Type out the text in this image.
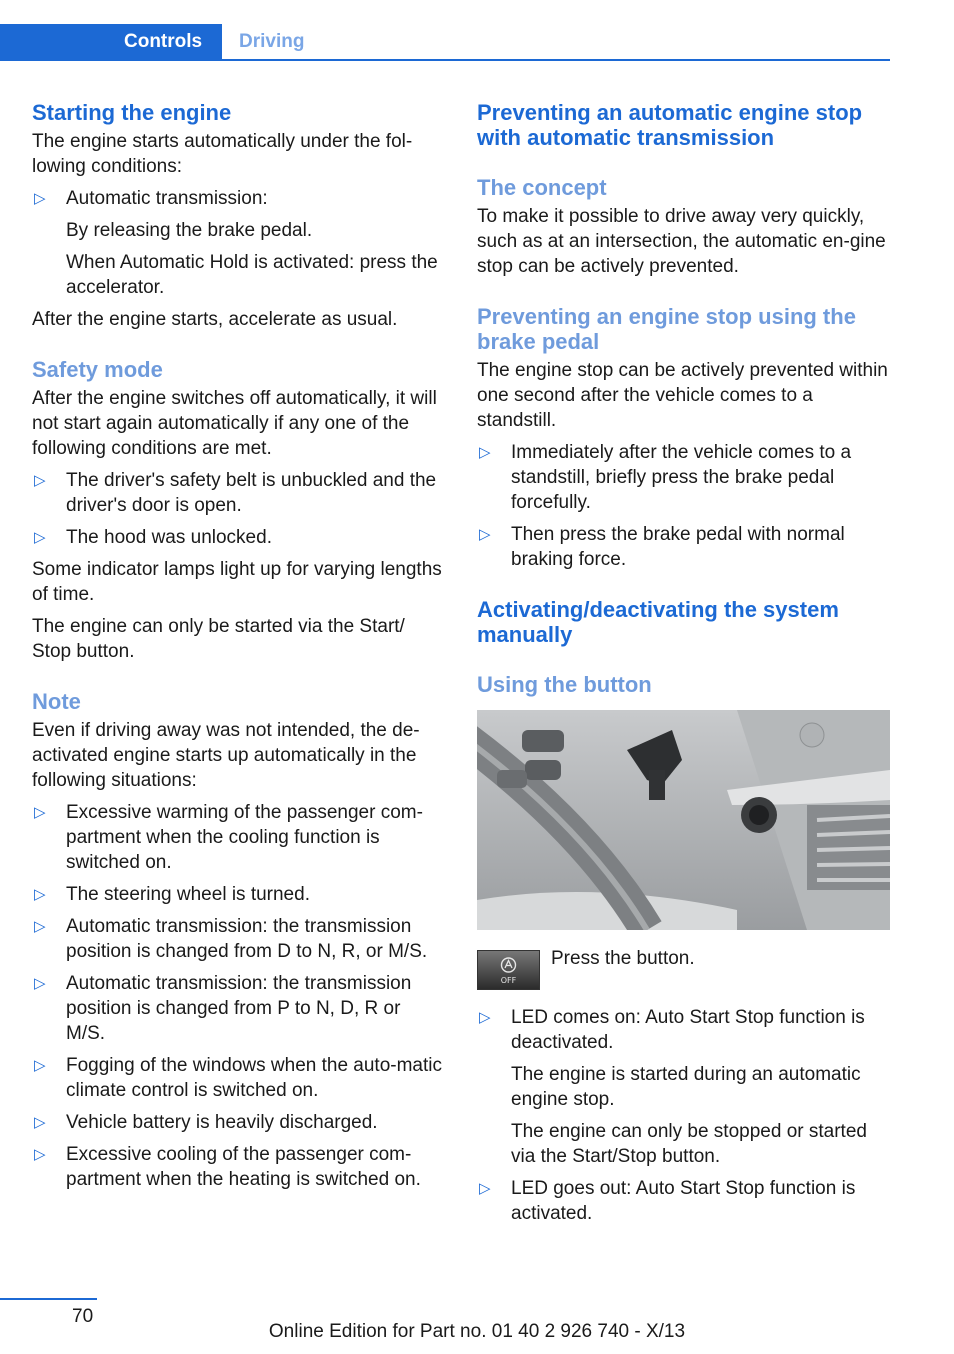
Controls Driving
Starting the engine

The engine starts automatically under the fol‐lowing conditions:

▷ Automatic transmission:
By releasing the brake pedal.
When Automatic Hold is activated: press the accelerator.

After the engine starts, accelerate as usual.

Safety mode

After the engine switches off automatically, it will not start again automatically if any one of the following conditions are met.

▷ The driver's safety belt is unbuckled and the driver's door is open.
▷ The hood was unlocked.

Some indicator lamps light up for varying lengths of time.

The engine can only be started via the Start/ Stop button.

Note

Even if driving away was not intended, the de‐activated engine starts up automatically in the following situations:

▷ Excessive warming of the passenger com‐partment when the cooling function is switched on.
▷ The steering wheel is turned.
▷ Automatic transmission: the transmission position is changed from D to N, R, or M/S.
▷ Automatic transmission: the transmission position is changed from P to N, D, R or M/S.
▷ Fogging of the windows when the auto‐matic climate control is switched on.
▷ Vehicle battery is heavily discharged.
▷ Excessive cooling of the passenger com‐partment when the heating is switched on.
Preventing an automatic engine stop with automatic transmission
The concept

To make it possible to drive away very quickly, such as at an intersection, the automatic en‐gine stop can be actively prevented.

Preventing an engine stop using the brake pedal

The engine stop can be actively prevented within one second after the vehicle comes to a standstill.

▷ Immediately after the vehicle comes to a standstill, briefly press the brake pedal forcefully.
▷ Then press the brake pedal with normal braking force.
Activating/deactivating the system manually
Using the button
OFF
Press the button.
▷ LED comes on: Auto Start Stop function is deactivated.
The engine is started during an automatic engine stop.
The engine can only be stopped or started via the Start/Stop button.
▷ LED goes out: Auto Start Stop function is activated.
70
Online Edition for Part no. 01 40 2 926 740 - X/13
